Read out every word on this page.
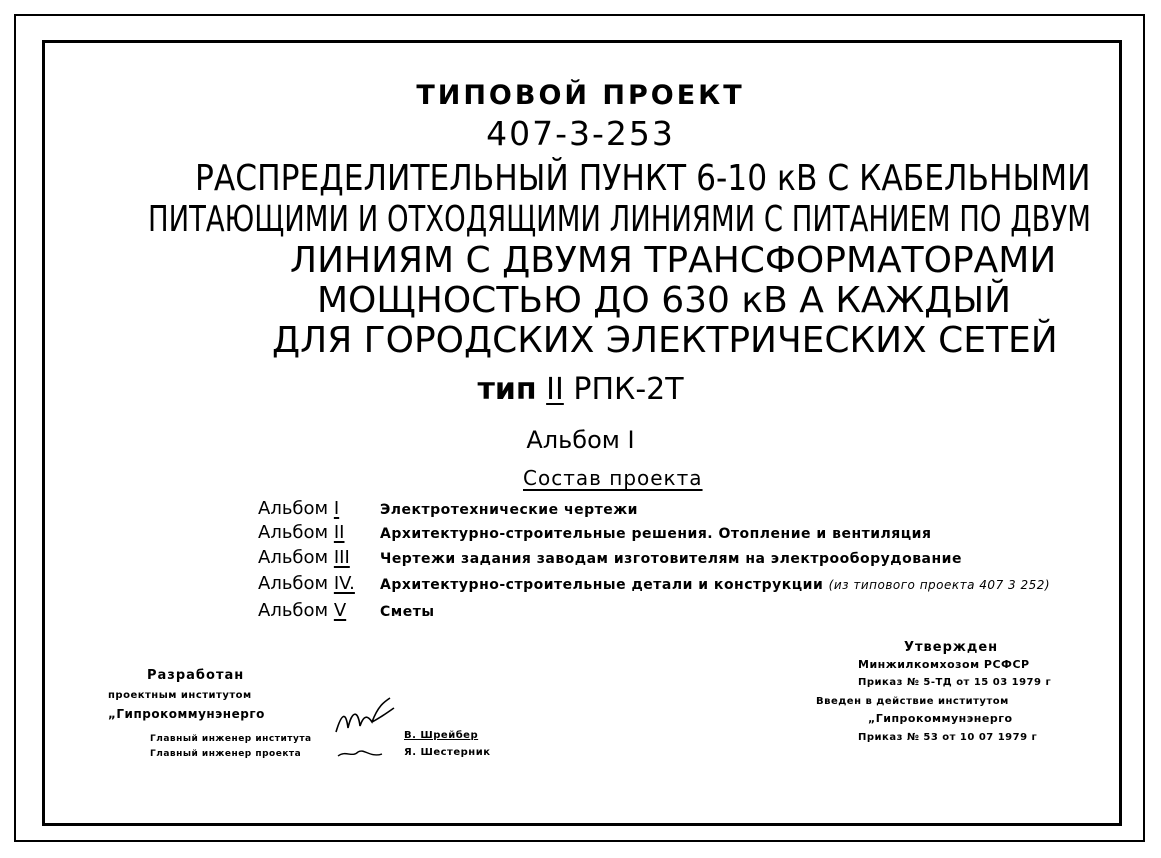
ТИПОВОЙ ПРОЕКТ
407-3-253
РАСПРЕДЕЛИТЕЛЬНЫЙ ПУНКТ 6-10 кВ С КАБЕЛЬНЫМИ
ПИТАЮЩИМИ И ОТХОДЯЩИМИ ЛИНИЯМИ С ПИТАНИЕМ ПО ДВУМ
ЛИНИЯМ С ДВУМЯ ТРАНСФОРМАТОРАМИ
МОЩНОСТЬЮ ДО 630 кВ А КАЖДЫЙ
ДЛЯ ГОРОДСКИХ ЭЛЕКТРИЧЕСКИХ СЕТЕЙ
тип II РПК-2Т
Альбом I
Состав проекта
Альбом I	Электротехнические чертежи
Альбом II	Архитектурно-строительные решения. Отопление и вентиляция
Альбом III Чертежи задания заводам изготовителям на электрооборудование
Альбом IV. Архитектурно-строительные детали и конструкции (из типового проекта 407 3 252)
Альбом V Сметы
Разработан
проектным институтом
„Гипрокоммунэнерго
Главный инженер института	В. Шрейбер
Главный инженер проекта	Я. Шестерник
Утвержден
Минжилкомхозом РСФСР
Приказ № 5-ТД от 15 03 1979 г
Введен в действие институтом
„Гипрокоммунэнерго
Приказ № 53 от 10 07 1979 г
